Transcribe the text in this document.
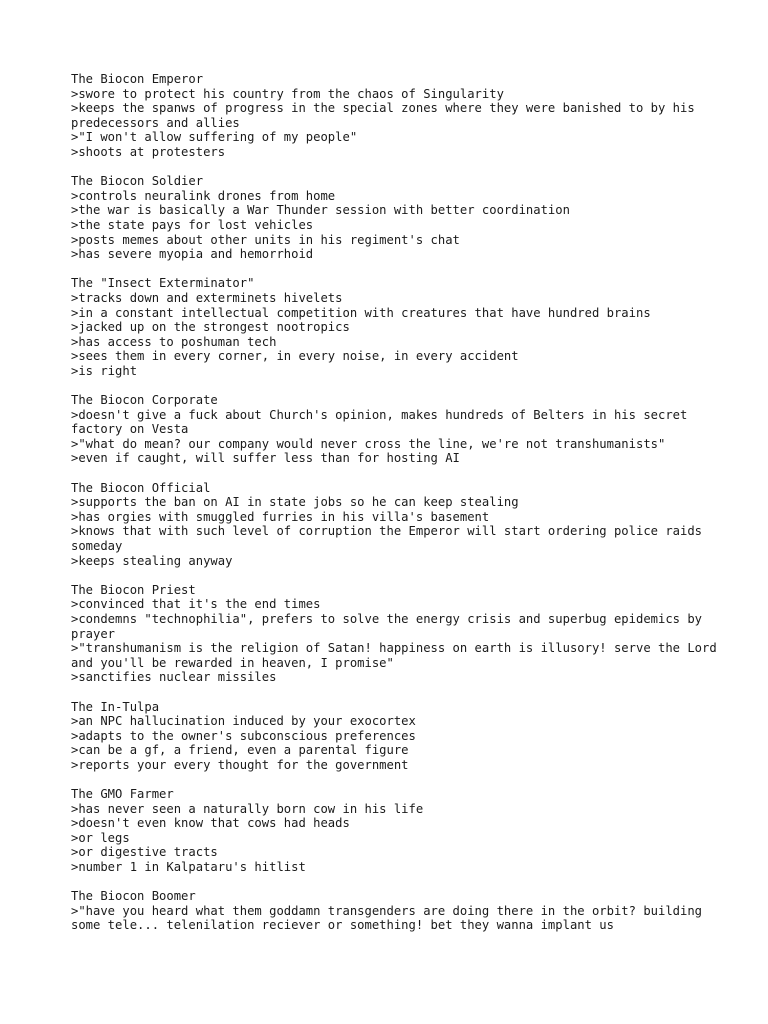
The Biocon Emperor
>swore to protect his country from the chaos of Singularity
>keeps the spanws of progress in the special zones where they were banished to by his predecessors and allies
>"I won't allow suffering of my people"
>shoots at protesters
The Biocon Soldier
>controls neuralink drones from home
>the war is basically a War Thunder session with better coordination
>the state pays for lost vehicles
>posts memes about other units in his regiment's chat
>has severe myopia and hemorrhoid
The "Insect Exterminator"
>tracks down and exterminets hivelets
>in a constant intellectual competition with creatures that have hundred brains
>jacked up on the strongest nootropics
>has access to poshuman tech
>sees them in every corner, in every noise, in every accident
>is right
The Biocon Corporate
>doesn't give a fuck about Church's opinion, makes hundreds of Belters in his secret factory on Vesta
>"what do mean? our company would never cross the line, we're not transhumanists"
>even if caught, will suffer less than for hosting AI
The Biocon Official
>supports the ban on AI in state jobs so he can keep stealing
>has orgies with smuggled furries in his villa's basement
>knows that with such level of corruption the Emperor will start ordering police raids someday
>keeps stealing anyway
The Biocon Priest
>convinced that it's the end times
>condemns "technophilia", prefers to solve the energy crisis and superbug epidemics by prayer
>"transhumanism is the religion of Satan! happiness on earth is illusory! serve the Lord and you'll be rewarded in heaven, I promise"
>sanctifies nuclear missiles
The In-Tulpa
>an NPC hallucination induced by your exocortex
>adapts to the owner's subconscious preferences
>can be a gf, a friend, even a parental figure
>reports your every thought for the government
The GMO Farmer
>has never seen a naturally born cow in his life
>doesn't even know that cows had heads
>or legs
>or digestive tracts
>number 1 in Kalpataru's hitlist
The Biocon Boomer
>"have you heard what them goddamn transgenders are doing there in the orbit? building some tele... telenilation reciever or something! bet they wanna implant us
